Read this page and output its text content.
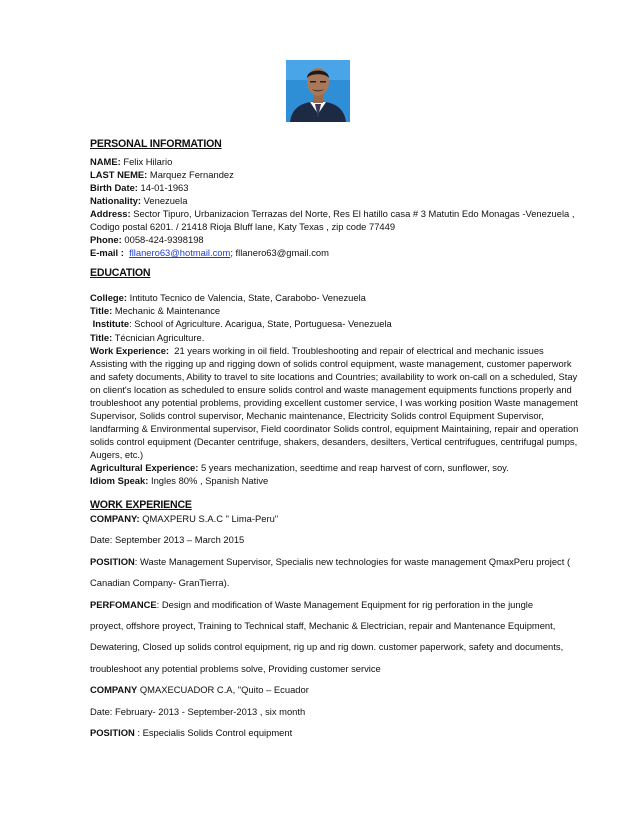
PERSONAL INFORMATION

NAME: Felix Hilario

LAST NEME: Marquez Fernandez

Birth Date: 14-01-1963

Nationality: Venezuela

Address: Sector Tipuro, Urbanizacion Terrazas del Norte, Res El hatillo casa # 3 Matutin Edo Monagas -Venezuela , Codigo postal 6201. / 21418 Rioja Bluff lane, Katy Texas , zip code 77449

Phone: 0058-424-9398198

E-mail : fllanero63@hotmail.com; fllanero63@gmail.com

EDUCATION

College: Intituto Tecnico de Valencia, State, Carabobo- Venezuela

Title: Mechanic & Maintenance

Institute: School of Agriculture. Acarigua, State, Portuguesa- Venezuela

Title: Técnician Agriculture.

Work Experience: 21 years working in oil field. Troubleshooting and repair of electrical and mechanic issues Assisting with the rigging up and rigging down of solids control equipment, waste management, customer paperwork and safety documents, Ability to travel to site locations and Countries; availability to work on-call on a scheduled, Stay on client's location as scheduled to ensure solids control and waste management equipments functions properly and troubleshoot any potential problems, providing excellent customer service, I was working position Waste management Supervisor, Solids control supervisor, Mechanic maintenance, Electricity Solids control Equipment Supervisor, landfarming & Environmental supervisor, Field coordinator Solids control, equipment Maintaining, repair and operation solids control equipment (Decanter centrifuge, shakers, desanders, desilters, Vertical centrifugues, centrifugal pumps, Augers, etc.)

Agricultural Experience: 5 years mechanization, seedtime and reap harvest of corn, sunflower, soy.

Idiom Speak: Ingles 80% , Spanish Native

WORK EXPERIENCE

COMPANY: QMAXPERU S.A.C " Lima-Peru"

Date: September 2013 – March 2015

POSITION: Waste Management Supervisor, Specialis new technologies for waste management QmaxPeru project (

Canadian Company- GranTierra).

PERFOMANCE: Design and modification of Waste Management Equipment for rig perforation in the jungle

proyect, offshore proyect, Training to Technical staff, Mechanic & Electrician, repair and Mantenance Equipment,

Dewatering, Closed up solids control equipment, rig up and rig down. customer paperwork, safety and documents,

troubleshoot any potential problems solve, Providing customer service

COMPANY QMAXECUADOR C.A, "Quito – Ecuador

Date: February- 2013 - September-2013 , six month

POSITION : Especialis Solids Control equipment
